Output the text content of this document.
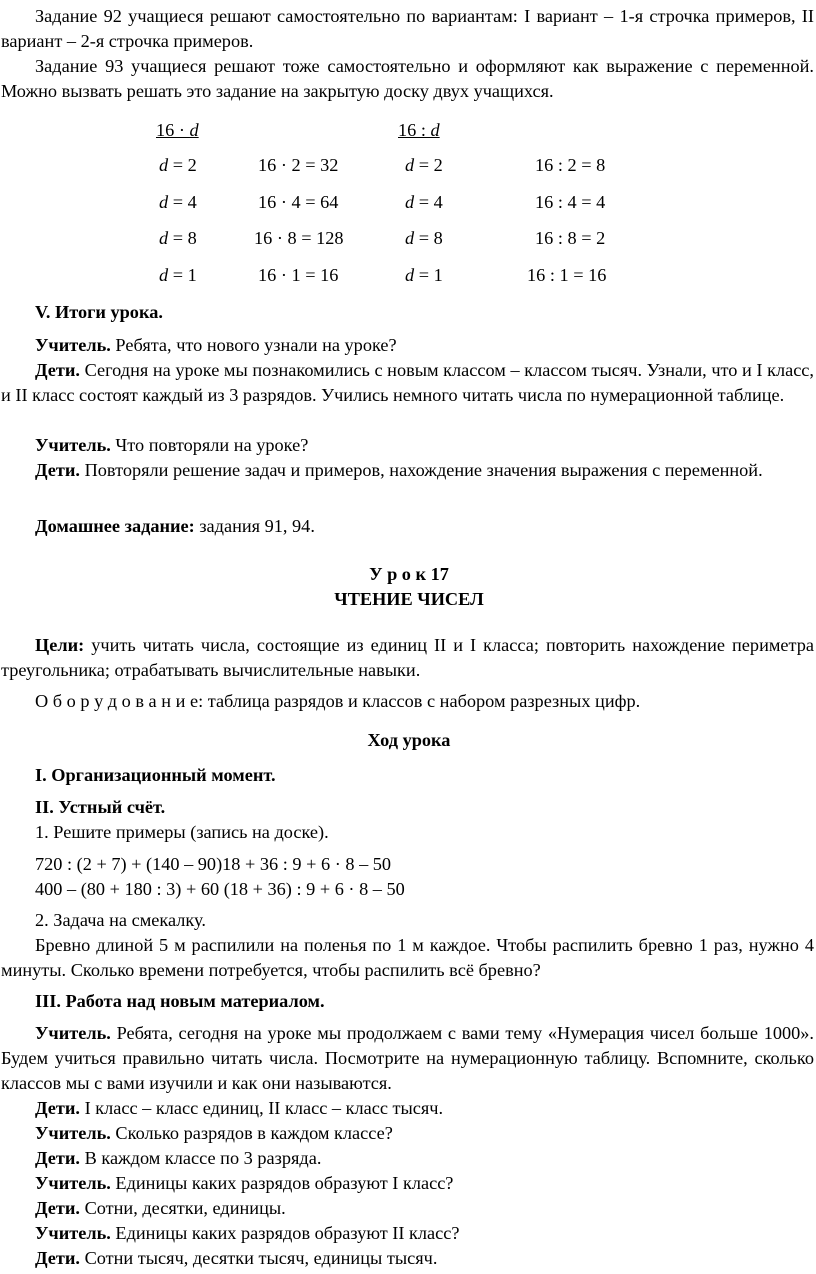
Задание 92 учащиеся решают самостоятельно по вариантам: I вариант – 1-я строчка примеров, II вариант – 2-я строчка примеров.

Задание 93 учащиеся решают тоже самостоятельно и оформляют как выражение с переменной. Можно вызвать решать это задание на закрытую доску двух учащихся.

16 · d	16 : d
d = 2	16 · 2 = 32	d = 2	16 : 2 = 8
d = 4	16 · 4 = 64	d = 4	16 : 4 = 4
d = 8	16 · 8 = 128	d = 8	16 : 8 = 2
d = 1	16 · 1 = 16	d = 1	16 : 1 = 16

V. Итоги урока.

Учитель. Ребята, что нового узнали на уроке?

Дети. Сегодня на уроке мы познакомились с новым классом – классом тысяч. Узнали, что и I класс, и II класс состоят каждый из 3 разрядов. Учились немного читать числа по нумерационной таблице.

Учитель. Что повторяли на уроке?

Дети. Повторяли решение задач и примеров, нахождение значения выражения с переменной.

Домашнее задание: задания 91, 94.

У р о к 17

ЧТЕНИЕ ЧИСЕЛ

Цели: учить читать числа, состоящие из единиц II и I класса; повторить нахождение периметра треугольника; отрабатывать вычислительные навыки.

О б о р у д о в а н и е: таблица разрядов и классов с набором разрезных цифр.

Ход урока

I. Организационный момент.

II. Устный счёт.

1. Решите примеры (запись на доске).

720 : (2 + 7) + (140 – 90)18 + 36 : 9 + 6 · 8 – 50

400 – (80 + 180 : 3) + 60 (18 + 36) : 9 + 6 · 8 – 50

2. Задача на смекалку.

Бревно длиной 5 м распилили на поленья по 1 м каждое. Чтобы распилить бревно 1 раз, нужно 4 минуты. Сколько времени потребуется, чтобы распилить всё бревно?

III. Работа над новым материалом.

Учитель. Ребята, сегодня на уроке мы продолжаем с вами тему «Нумерация чисел больше 1000». Будем учиться правильно читать числа. Посмотрите на нумерационную таблицу. Вспомните, сколько классов мы с вами изучили и как они называются.

Дети. I класс – класс единиц, II класс – класс тысяч.

Учитель. Сколько разрядов в каждом классе?

Дети. В каждом классе по 3 разряда.

Учитель. Единицы каких разрядов образуют I класс?

Дети. Сотни, десятки, единицы.

Учитель. Единицы каких разрядов образуют II класс?

Дети. Сотни тысяч, десятки тысяч, единицы тысяч.
